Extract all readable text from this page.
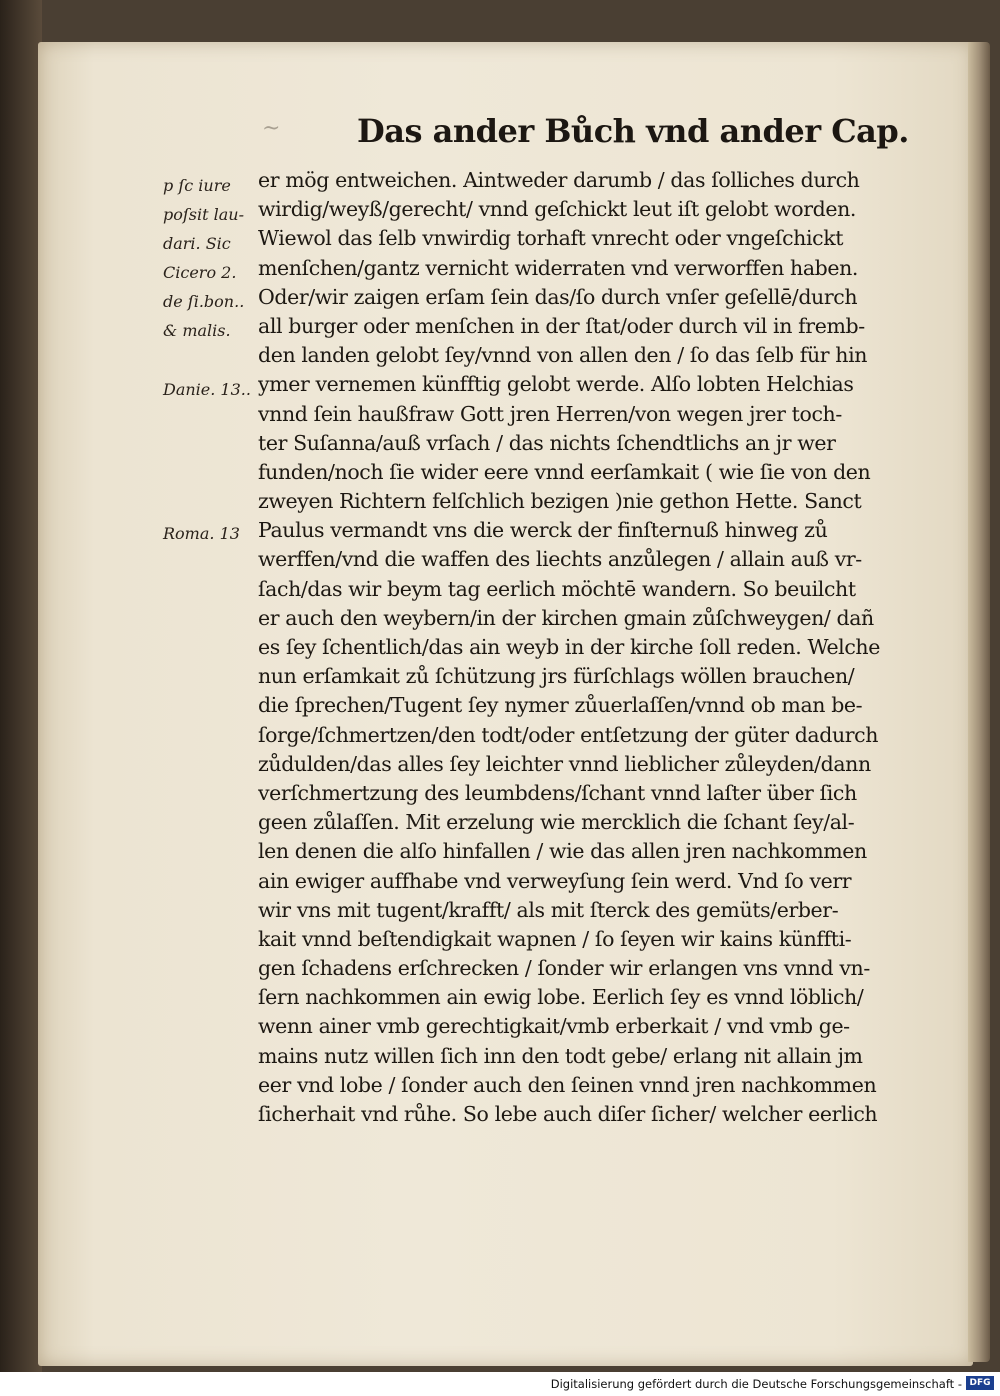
~ Das ander Bůch vnd ander Cap.
p ſc iure
poſsit lau-
dari. Sic
Cicero 2.
de ſi.bon..
& malis.
Danie. 13..
Roma. 13
er mög entweichen. Aintweder darumb / das ſolliches durch
wirdig/weyß/gerecht/ vnnd geſchickt leut iſt gelobt worden.
Wiewol das ſelb vnwirdig torhaft vnrecht oder vngeſchickt
menſchen/gantz vernicht widerraten vnd verworffen haben.
Oder/wir zaigen erſam ſein das/ſo durch vnſer geſellē/durch
all burger oder menſchen in der ſtat/oder durch vil in fremb-
den landen gelobt ſey/vnnd von allen den / ſo das ſelb für hin
ymer vernemen künfftig gelobt werde. Alſo lobten Helchias
vnnd ſein haußfraw Gott jren Herren/von wegen jrer toch-
ter Suſanna/auß vrſach / das nichts ſchendtlichs an jr wer
funden/noch ſie wider eere vnnd eerſamkait ( wie ſie von den
zweyen Richtern felſchlich bezigen )nie gethon Hette. Sanct
Paulus vermandt vns die werck der finſternuß hinweg zů
werffen/vnd die waffen des liechts anzůlegen / allain auß vr-
ſach/das wir beym tag eerlich möchtē wandern. So beuilcht
er auch den weybern/in der kirchen gmain zůſchweygen/ dañ
es ſey ſchentlich/das ain weyb in der kirche ſoll reden. Welche
nun erſamkait zů ſchützung jrs fürſchlags wöllen brauchen/
die ſprechen/Tugent ſey nymer zůuerlaſſen/vnnd ob man be-
ſorge/ſchmertzen/den todt/oder entſetzung der güter dadurch
zůdulden/das alles ſey leichter vnnd lieblicher zůleyden/dann
verſchmertzung des leumbdens/ſchant vnnd laſter über ſich
geen zůlaſſen. Mit erzelung wie mercklich die ſchant ſey/al-
len denen die alſo hinfallen / wie das allen jren nachkommen
ain ewiger auffhabe vnd verweyſung ſein werd. Vnd ſo verr
wir vns mit tugent/krafft/ als mit ſterck des gemüts/erber-
kait vnnd beſtendigkait wapnen / ſo ſeyen wir kains künffti-
gen ſchadens erſchrecken / ſonder wir erlangen vns vnnd vn-
ſern nachkommen ain ewig lobe. Eerlich ſey es vnnd löblich/
wenn ainer vmb gerechtigkait/vmb erberkait / vnd vmb ge-
mains nutz willen ſich inn den todt gebe/ erlang nit allain jm
eer vnd lobe / ſonder auch den ſeinen vnnd jren nachkommen
ſicherhait vnd růhe. So lebe auch diſer ſicher/ welcher eerlich
Digitalisierung gefördert durch die Deutsche Forschungsgemeinschaft - DFG
